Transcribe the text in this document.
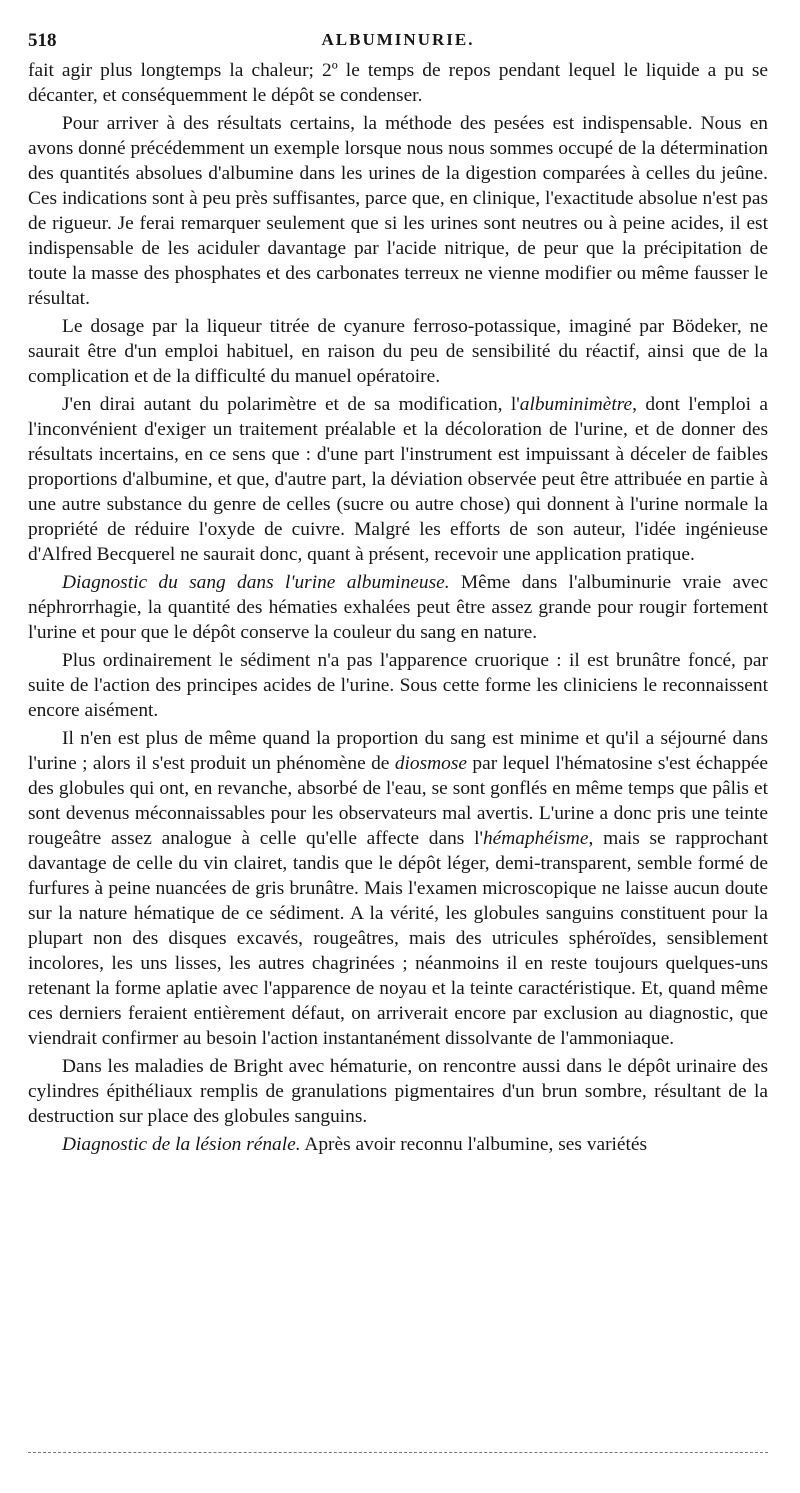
518	ALBUMINURIE.

fait agir plus longtemps la chaleur; 2º le temps de repos pendant lequel le liquide a pu se décanter, et conséquemment le dépôt se condenser.

Pour arriver à des résultats certains, la méthode des pesées est indispensable. Nous en avons donné précédemment un exemple lorsque nous nous sommes occupé de la détermination des quantités absolues d'albumine dans les urines de la digestion comparées à celles du jeûne. Ces indications sont à peu près suffisantes, parce que, en clinique, l'exactitude absolue n'est pas de rigueur. Je ferai remarquer seulement que si les urines sont neutres ou à peine acides, il est indispensable de les aciduler davantage par l'acide nitrique, de peur que la précipitation de toute la masse des phosphates et des carbonates terreux ne vienne modifier ou même fausser le résultat.

Le dosage par la liqueur titrée de cyanure ferroso-potassique, imaginé par Bödeker, ne saurait être d'un emploi habituel, en raison du peu de sensibilité du réactif, ainsi que de la complication et de la difficulté du manuel opératoire.

J'en dirai autant du polarimètre et de sa modification, l'albuminimètre, dont l'emploi a l'inconvénient d'exiger un traitement préalable et la décoloration de l'urine, et de donner des résultats incertains, en ce sens que : d'une part l'instrument est impuissant à déceler de faibles proportions d'albumine, et que, d'autre part, la déviation observée peut être attribuée en partie à une autre substance du genre de celles (sucre ou autre chose) qui donnent à l'urine normale la propriété de réduire l'oxyde de cuivre. Malgré les efforts de son auteur, l'idée ingénieuse d'Alfred Becquerel ne saurait donc, quant à présent, recevoir une application pratique.

Diagnostic du sang dans l'urine albumineuse. Même dans l'albuminurie vraie avec néphrorrhagie, la quantité des hématies exhalées peut être assez grande pour rougir fortement l'urine et pour que le dépôt conserve la couleur du sang en nature.

Plus ordinairement le sédiment n'a pas l'apparence cruorique : il est brunâtre foncé, par suite de l'action des principes acides de l'urine. Sous cette forme les cliniciens le reconnaissent encore aisément.

Il n'en est plus de même quand la proportion du sang est minime et qu'il a séjourné dans l'urine ; alors il s'est produit un phénomène de diosmose par lequel l'hématosine s'est échappée des globules qui ont, en revanche, absorbé de l'eau, se sont gonflés en même temps que pâlis et sont devenus méconnaissables pour les observateurs mal avertis. L'urine a donc pris une teinte rougeâtre assez analogue à celle qu'elle affecte dans l'hémaphéisme, mais se rapprochant davantage de celle du vin clairet, tandis que le dépôt léger, demi-transparent, semble formé de furfures à peine nuancées de gris brunâtre. Mais l'examen microscopique ne laisse aucun doute sur la nature hématique de ce sédiment. A la vérité, les globules sanguins constituent pour la plupart non des disques excavés, rougeâtres, mais des utricules sphéroïdes, sensiblement incolores, les uns lisses, les autres chagrinées ; néanmoins il en reste toujours quelques-uns retenant la forme aplatie avec l'apparence de noyau et la teinte caractéristique. Et, quand même ces derniers feraient entièrement défaut, on arriverait encore par exclusion au diagnostic, que viendrait confirmer au besoin l'action instantanément dissolvante de l'ammoniaque.

Dans les maladies de Bright avec hématurie, on rencontre aussi dans le dépôt urinaire des cylindres épithéliaux remplis de granulations pigmentaires d'un brun sombre, résultant de la destruction sur place des globules sanguins.

Diagnostic de la lésion rénale. Après avoir reconnu l'albumine, ses variétés
